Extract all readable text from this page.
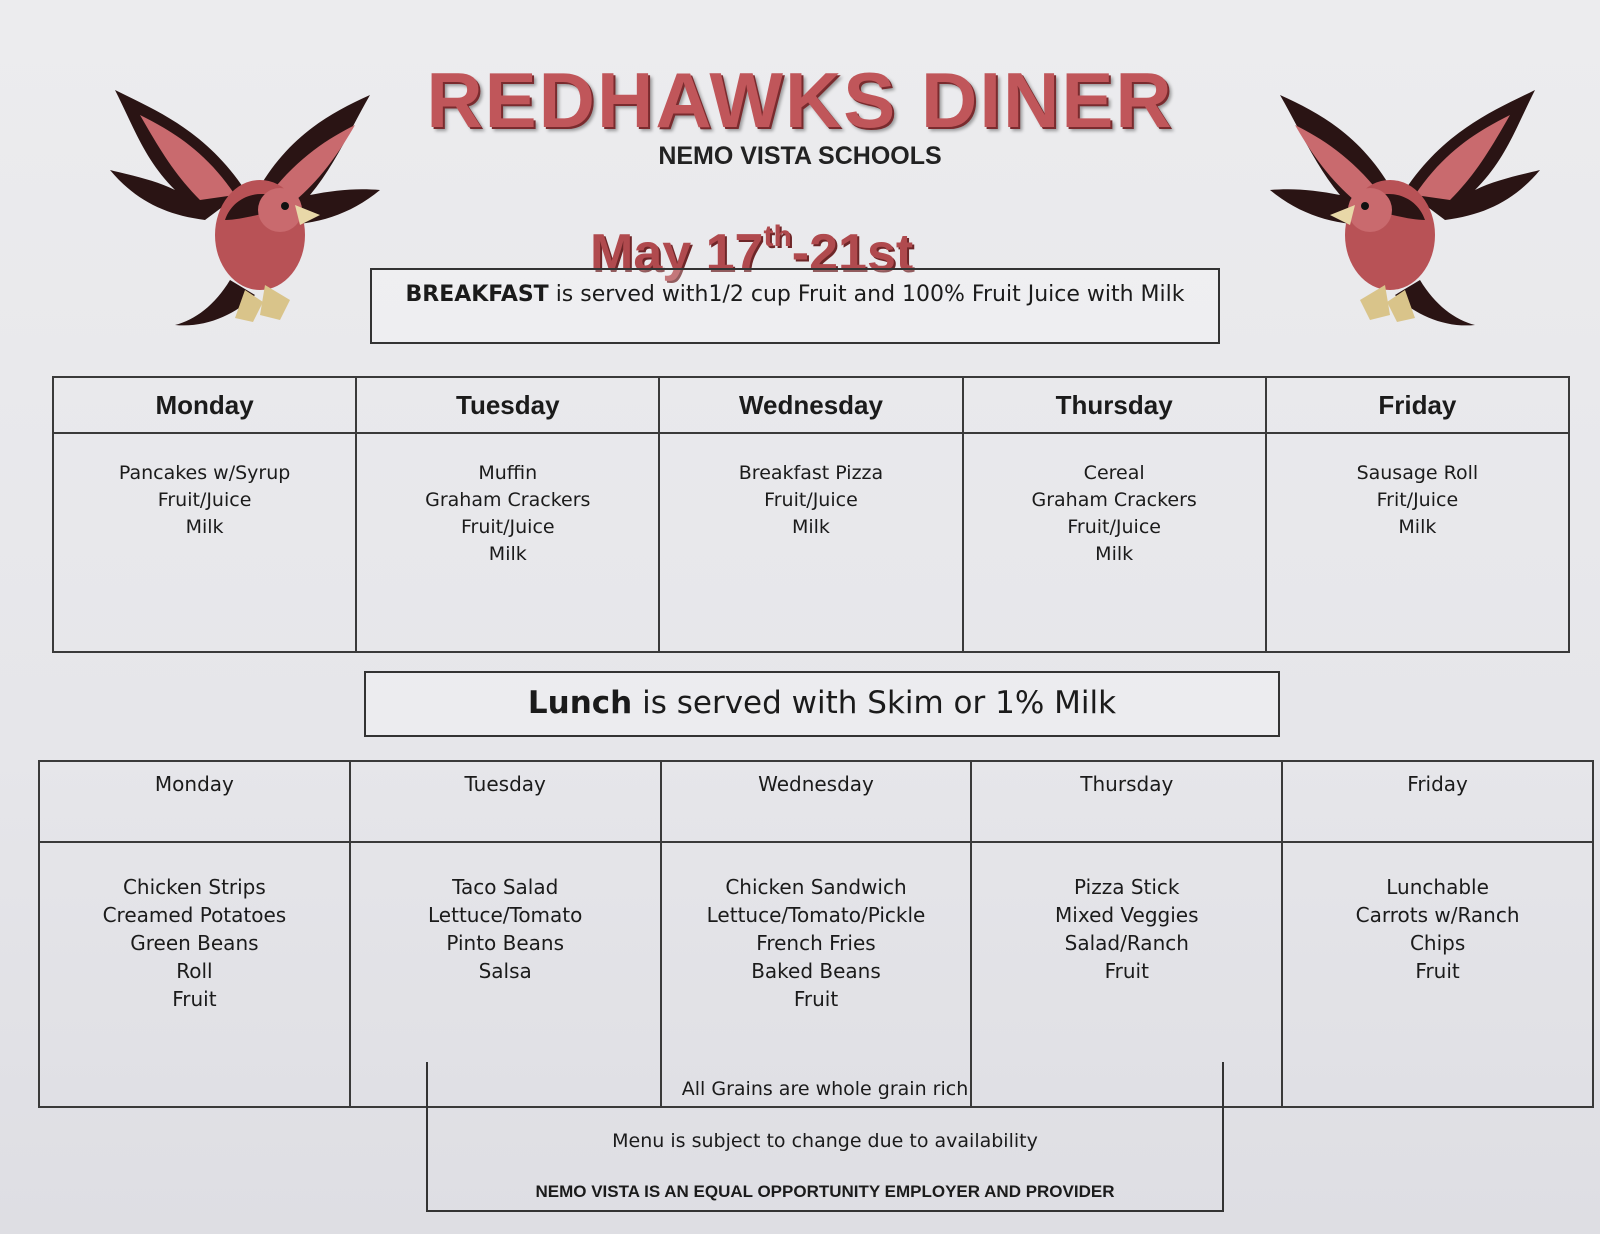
REDHAWKS DINER
NEMO VISTA SCHOOLS
May 17th-21st
BREAKFAST is served with1/2 cup Fruit and 100% Fruit Juice with Milk
Monday	Tuesday	Wednesday	Thursday	Friday

Pancakes w/Syrup
Fruit/Juice
Milk	Muffin
Graham Crackers
Fruit/Juice
Milk	Breakfast Pizza
Fruit/Juice
Milk	Cereal
Graham Crackers
Fruit/Juice
Milk	Sausage Roll
Frit/Juice
Milk
Lunch is served with Skim or 1% Milk
Monday	Tuesday	Wednesday	Thursday	Friday

Chicken Strips
Creamed Potatoes
Green Beans
Roll
Fruit	Taco Salad
Lettuce/Tomato
Pinto Beans
Salsa	Chicken Sandwich
Lettuce/Tomato/Pickle
French Fries
Baked Beans
Fruit	Pizza Stick
Mixed Veggies
Salad/Ranch
Fruit	Lunchable
Carrots w/Ranch
Chips
Fruit
All Grains are whole grain rich
Menu is subject to change due to availability
NEMO VISTA IS AN EQUAL OPPORTUNITY EMPLOYER AND PROVIDER
